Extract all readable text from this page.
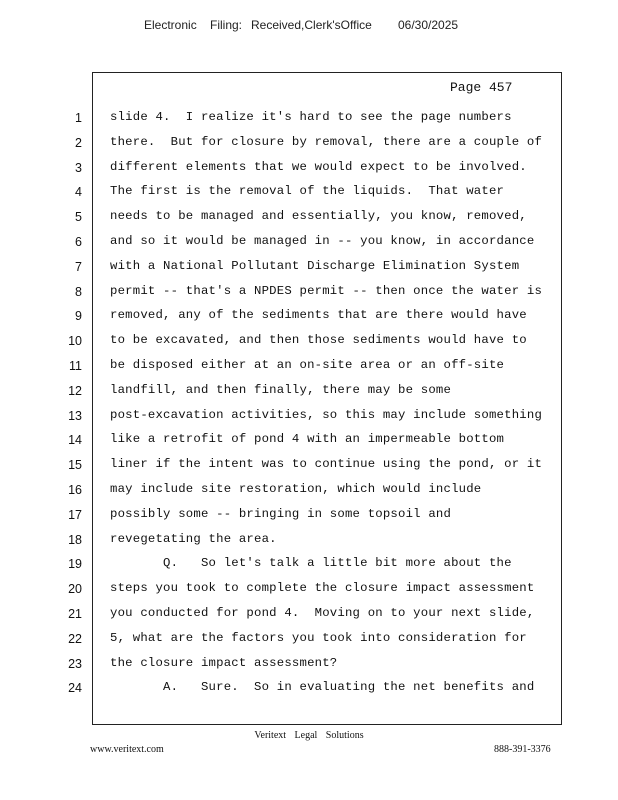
Electronic Filing: Received,Clerk'sOffice 06/30/2025
Page 457
1 slide 4.  I realize it's hard to see the page numbers
2 there.  But for closure by removal, there are a couple of
3 different elements that we would expect to be involved.
4 The first is the removal of the liquids.  That water
5 needs to be managed and essentially, you know, removed,
6 and so it would be managed in -- you know, in accordance
7 with a National Pollutant Discharge Elimination System
8 permit -- that's a NPDES permit -- then once the water is
9 removed, any of the sediments that are there would have
10 to be excavated, and then those sediments would have to
11 be disposed either at an on-site area or an off-site
12 landfill, and then finally, there may be some
13 post-excavation activities, so this may include something
14 like a retrofit of pond 4 with an impermeable bottom
15 liner if the intent was to continue using the pond, or it
16 may include site restoration, which would include
17 possibly some -- bringing in some topsoil and
18 revegetating the area.
19 Q.   So let's talk a little bit more about the
20 steps you took to complete the closure impact assessment
21 you conducted for pond 4.  Moving on to your next slide,
22 5, what are the factors you took into consideration for
23 the closure impact assessment?
24 A.   Sure.  So in evaluating the net benefits and
Veritext Legal Solutions
www.veritext.com	888-391-3376
